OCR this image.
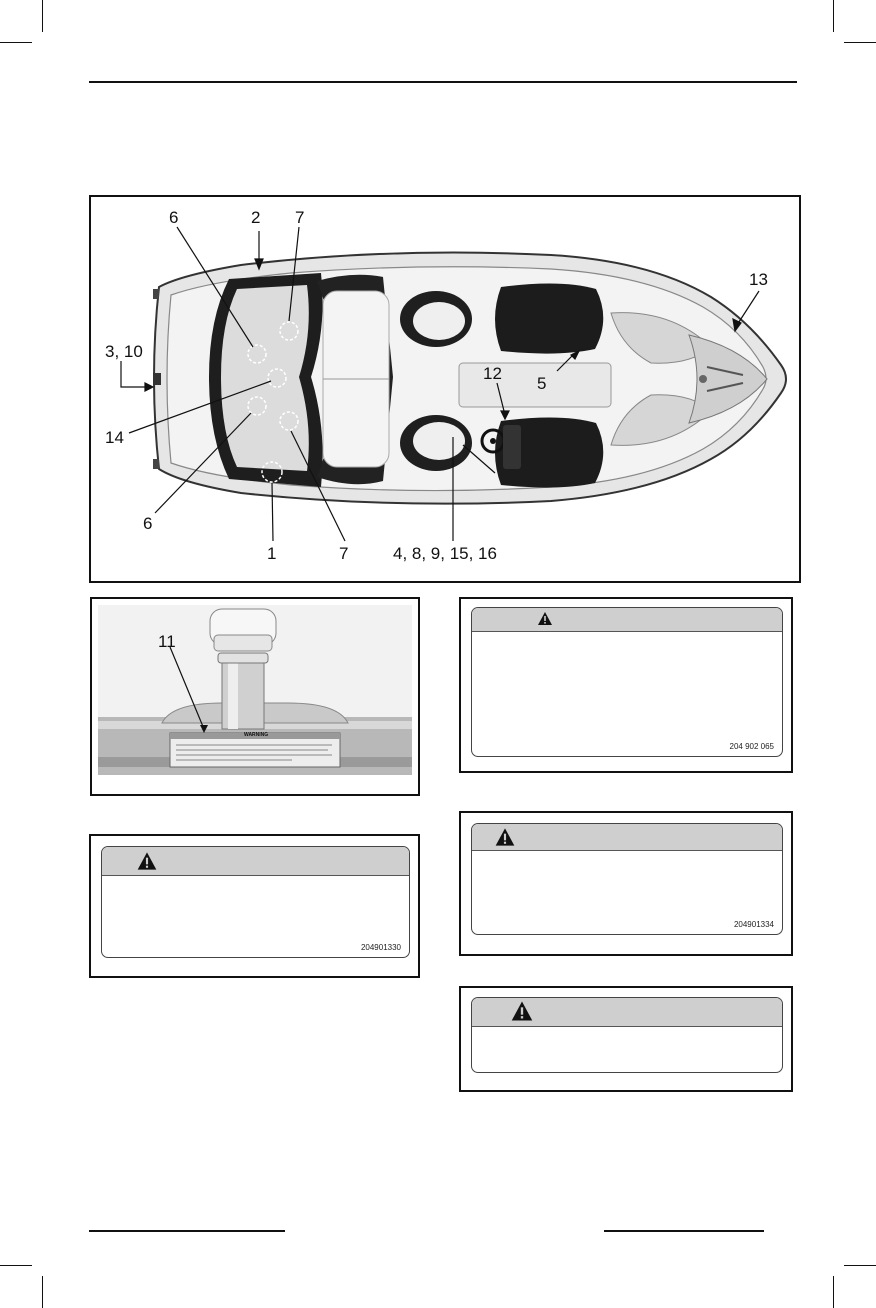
6	2 7
13
3, 10
12
5
14
6
1	7	4, 8, 9, 15, 16
11
WARNING
204 902 065
204901334
204901330
